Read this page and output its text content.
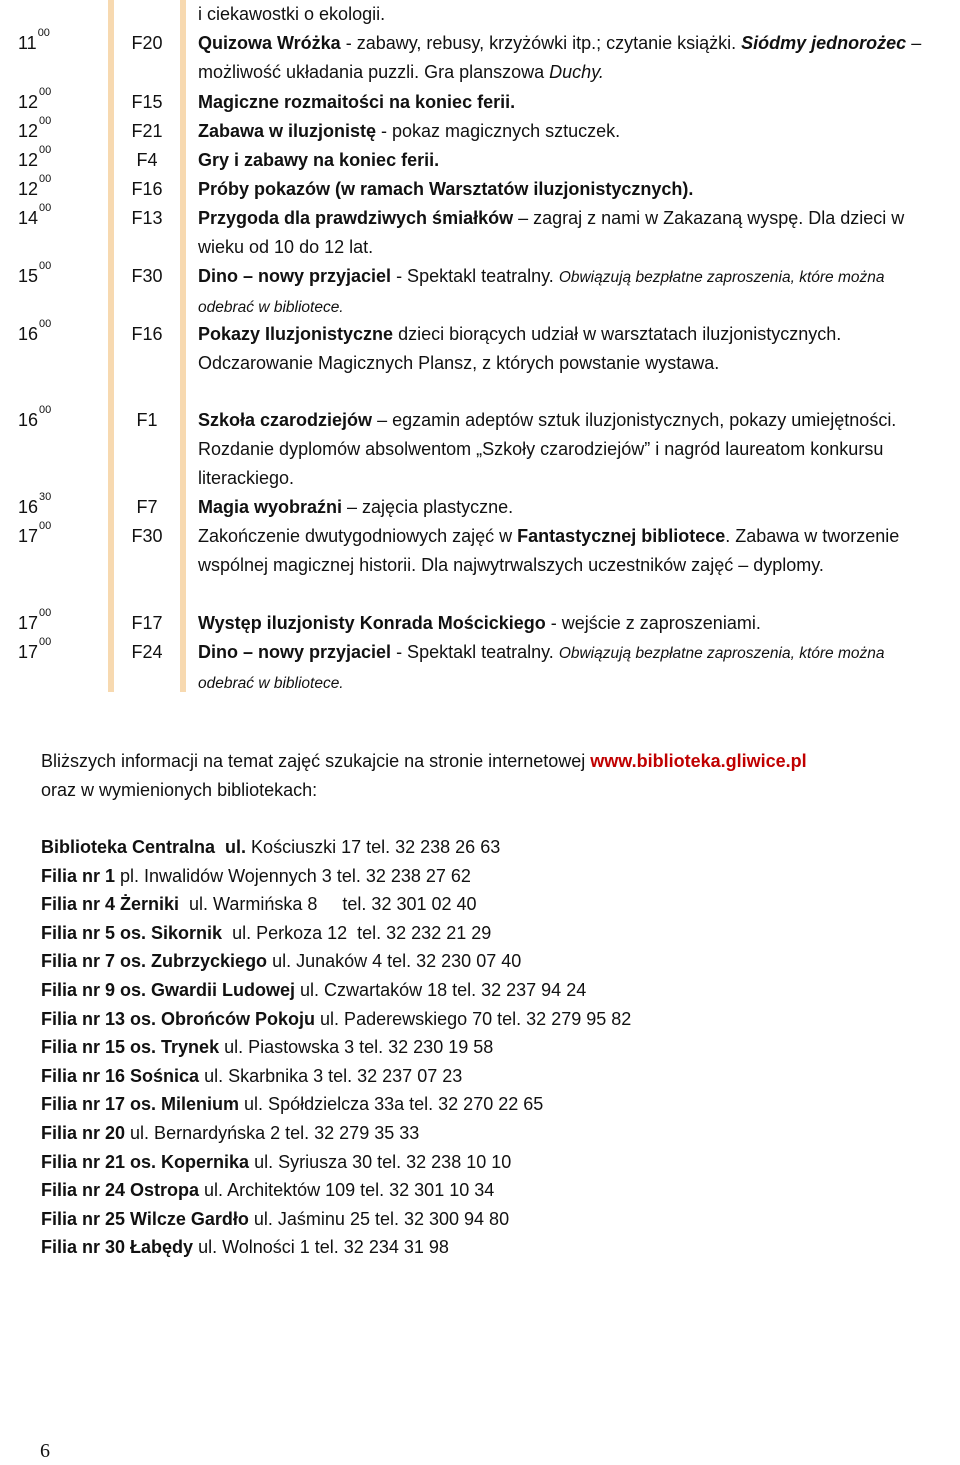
i ciekawostki o ekologii.
$11^{00}$	F20	Quizowa Wróżka - zabawy, rebusy, krzyżówki itp.; czytanie książki. Siódmy jednorożec – możliwość układania puzzli. Gra planszowa Duchy.
$12^{00}$	F15	Magiczne rozmaitości na koniec ferii.
$12^{00}$	F21	Zabawa w iluzjonistę - pokaz magicznych sztuczek.
$12^{00}$	F4	Gry i zabawy na koniec ferii.
$12^{00}$	F16	Próby pokazów (w ramach Warsztatów iluzjonistycznych).
$14^{00}$	F13	Przygoda dla prawdziwych śmiałków – zagraj z nami w Zakazaną wyspę. Dla dzieci w wieku od 10 do 12 lat.
$15^{00}$	F30	Dino – nowy przyjaciel - Spektakl teatralny. Obwiązują bezpłatne zaproszenia, które można odebrać w bibliotece.
$16^{00}$	F16	Pokazy Iluzjonistyczne dzieci biorących udział w warsztatach iluzjonistycznych. Odczarowanie Magicznych Plansz, z których powstanie wystawa.
$16^{00}$	F1	Szkoła czarodziejów – egzamin adeptów sztuk iluzjonistycznych, pokazy umiejętności. Rozdanie dyplomów absolwentom „Szkoły czarodziejów” i nagród laureatom konkursu literackiego.
$16^{30}$	F7	Magia wyobraźni – zajęcia plastyczne.
$17^{00}$	F30	Zakończenie dwutygodniowych zajęć w Fantastycznej bibliotece. Zabawa w tworzenie wspólnej magicznej historii. Dla najwytrwalszych uczestników zajęć – dyplomy.
$17^{00}$	F17	Występ iluzjonisty Konrada Mościckiego - wejście z zaproszeniami.
$17^{00}$	F24	Dino – nowy przyjaciel - Spektakl teatralny. Obwiązują bezpłatne zaproszenia, które można odebrać w bibliotece.
Bliższych informacji na temat zajęć szukajcie na stronie internetowej www.biblioteka.gliwice.pl
oraz w wymienionych bibliotekach:
Biblioteka Centralna  ul. Kościuszki 17 tel. 32 238 26 63
Filia nr 1 pl. Inwalidów Wojennych 3 tel. 32 238 27 62
Filia nr 4 Żerniki  ul. Warmińska 8     tel. 32 301 02 40
Filia nr 5 os. Sikornik  ul. Perkoza 12  tel. 32 232 21 29
Filia nr 7 os. Zubrzyckiego ul. Junaków 4 tel. 32 230 07 40
Filia nr 9 os. Gwardii Ludowej ul. Czwartaków 18 tel. 32 237 94 24
Filia nr 13 os. Obrońców Pokoju ul. Paderewskiego 70 tel. 32 279 95 82
Filia nr 15 os. Trynek ul. Piastowska 3 tel. 32 230 19 58
Filia nr 16 Sośnica ul. Skarbnika 3 tel. 32 237 07 23
Filia nr 17 os. Milenium ul. Spółdzielcza 33a tel. 32 270 22 65
Filia nr 20 ul. Bernardyńska 2 tel. 32 279 35 33
Filia nr 21 os. Kopernika ul. Syriusza 30 tel. 32 238 10 10
Filia nr 24 Ostropa ul. Architektów 109 tel. 32 301 10 34
Filia nr 25 Wilcze Gardło ul. Jaśminu 25 tel. 32 300 94 80
Filia nr 30 Łabędy ul. Wolności 1 tel. 32 234 31 98
6
